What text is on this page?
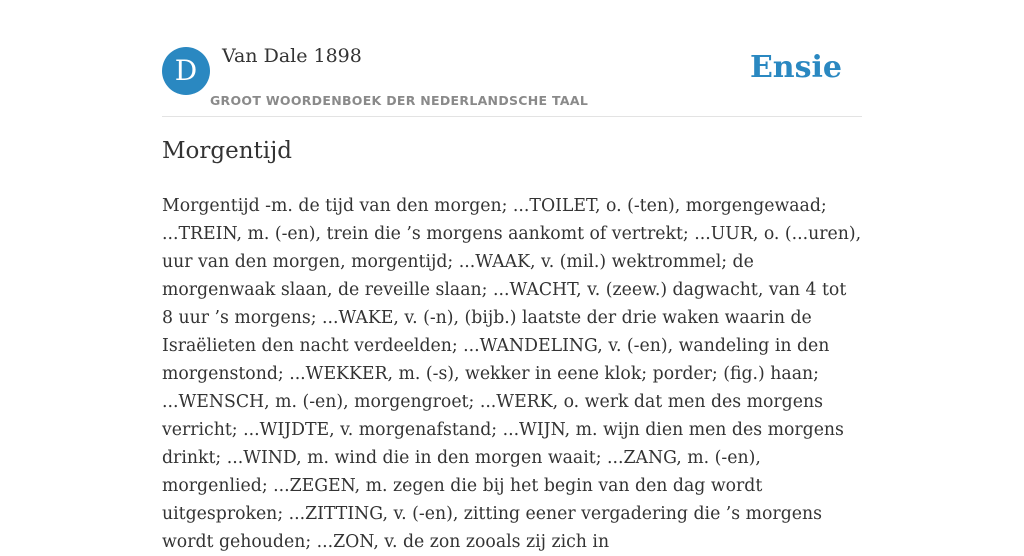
D	Van Dale 1898
GROOT WOORDENBOEK DER NEDERLANDSCHE TAAL
Ensie
Morgentijd

Morgentijd -m. de tijd van den morgen; ...TOILET, o. (-ten), morgengewaad; ...TREIN, m. (-en), trein die ’s morgens aankomt of vertrekt; ...UUR, o. (...uren), uur van den morgen, morgentijd; ...WAAK, v. (mil.) wektrommel; de morgenwaak slaan, de reveille slaan; ...WACHT, v. (zeew.) dagwacht, van 4 tot 8 uur ’s morgens; ...WAKE, v. (-n), (bijb.) laatste der drie waken waarin de Israëlieten den nacht verdeelden; ...WANDELING, v. (-en), wandeling in den morgenstond; ...WEKKER, m. (-s), wekker in eene klok; porder; (fig.) haan; ...WENSCH, m. (-en), morgengroet; ...WERK, o. werk dat men des morgens verricht; ...WIJDTE, v. morgenafstand; ...WIJN, m. wijn dien men des morgens drinkt; ...WIND, m. wind die in den morgen waait; ...ZANG, m. (-en), morgenlied; ...ZEGEN, m. zegen die bij het begin van den dag wordt uitgesproken; ...ZITTING, v. (-en), zitting eener vergadering die ’s morgens wordt gehouden; ...ZON, v. de zon zooals zij zich in
